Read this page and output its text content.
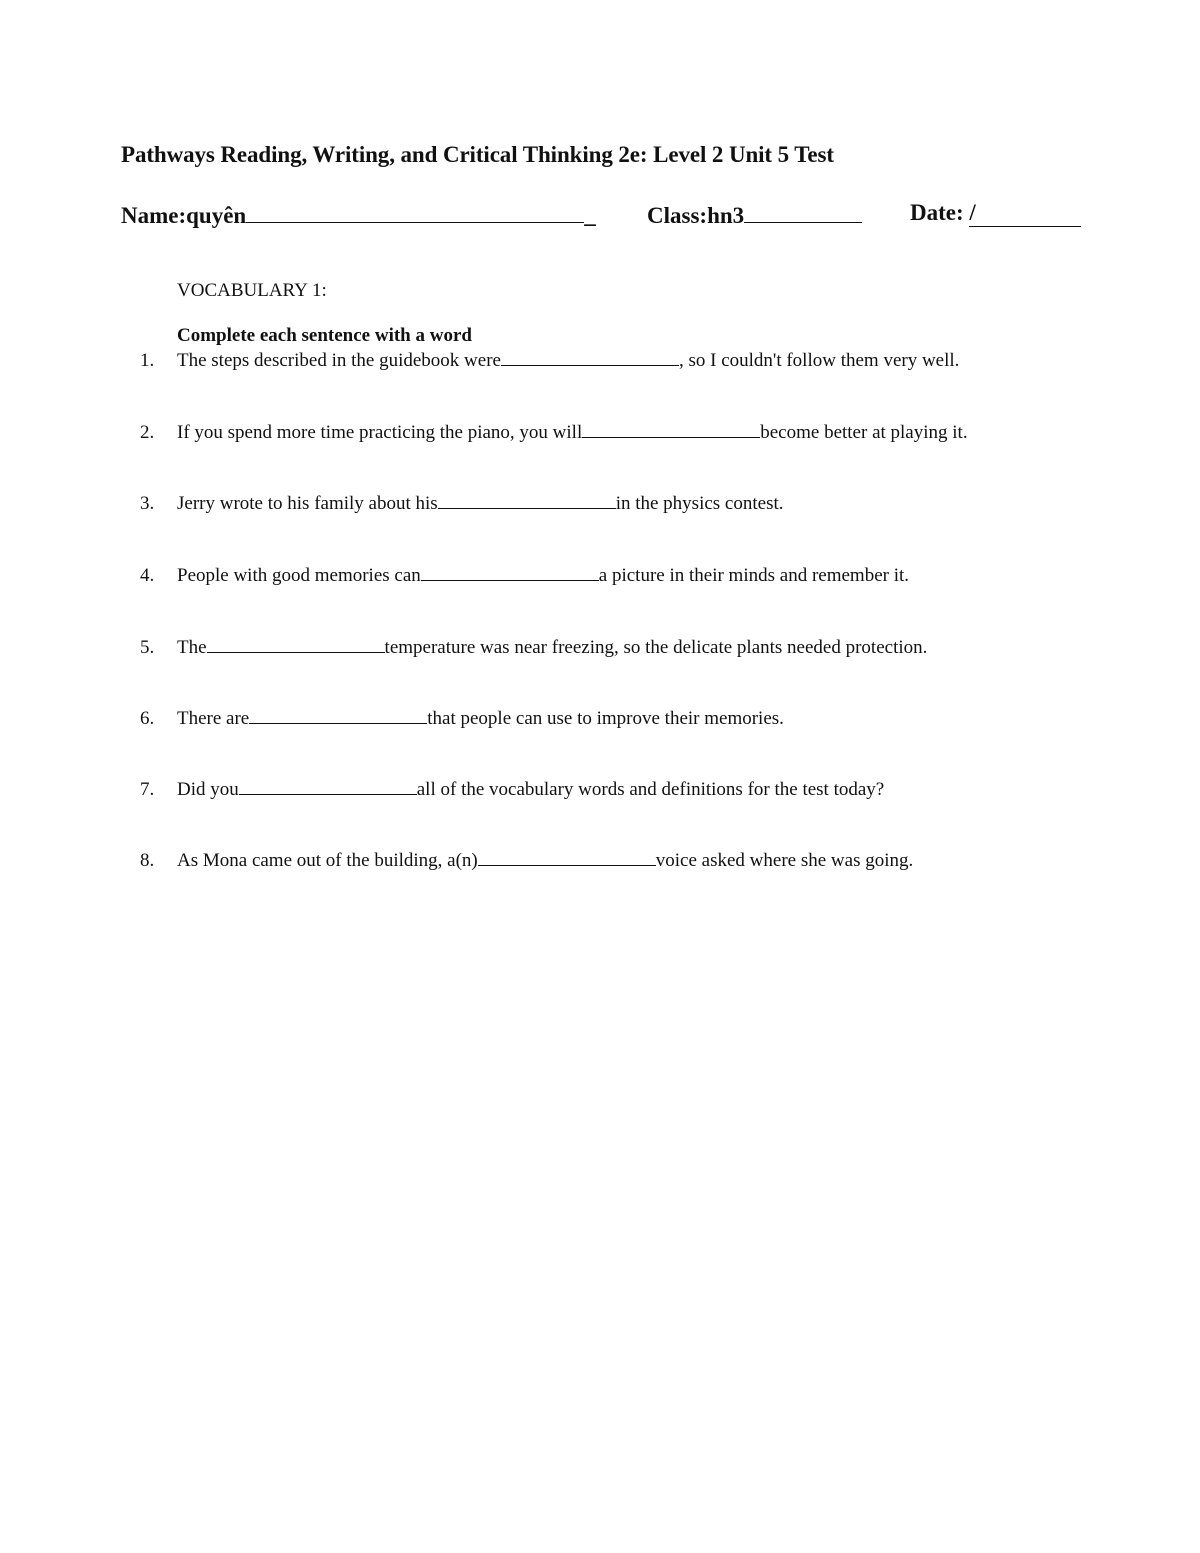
Pathways Reading, Writing, and Critical Thinking 2e: Level 2 Unit 5 Test
Name:quyên	_ Class:hn3	Date: /
VOCABULARY 1:
Complete each sentence with a word
1. The steps described in the guidebook were	, so I couldn't follow them very well.
2. If you spend more time practicing the piano, you will	become better at playing it.
3. Jerry wrote to his family about his	in the physics contest.
4. People with good memories can	a picture in their minds and remember it.
5. The	temperature was near freezing, so the delicate plants needed protection.
6. There are	that people can use to improve their memories.
7. Did you	all of the vocabulary words and definitions for the test today?
8. As Mona came out of the building, a(n)	voice asked where she was going.
